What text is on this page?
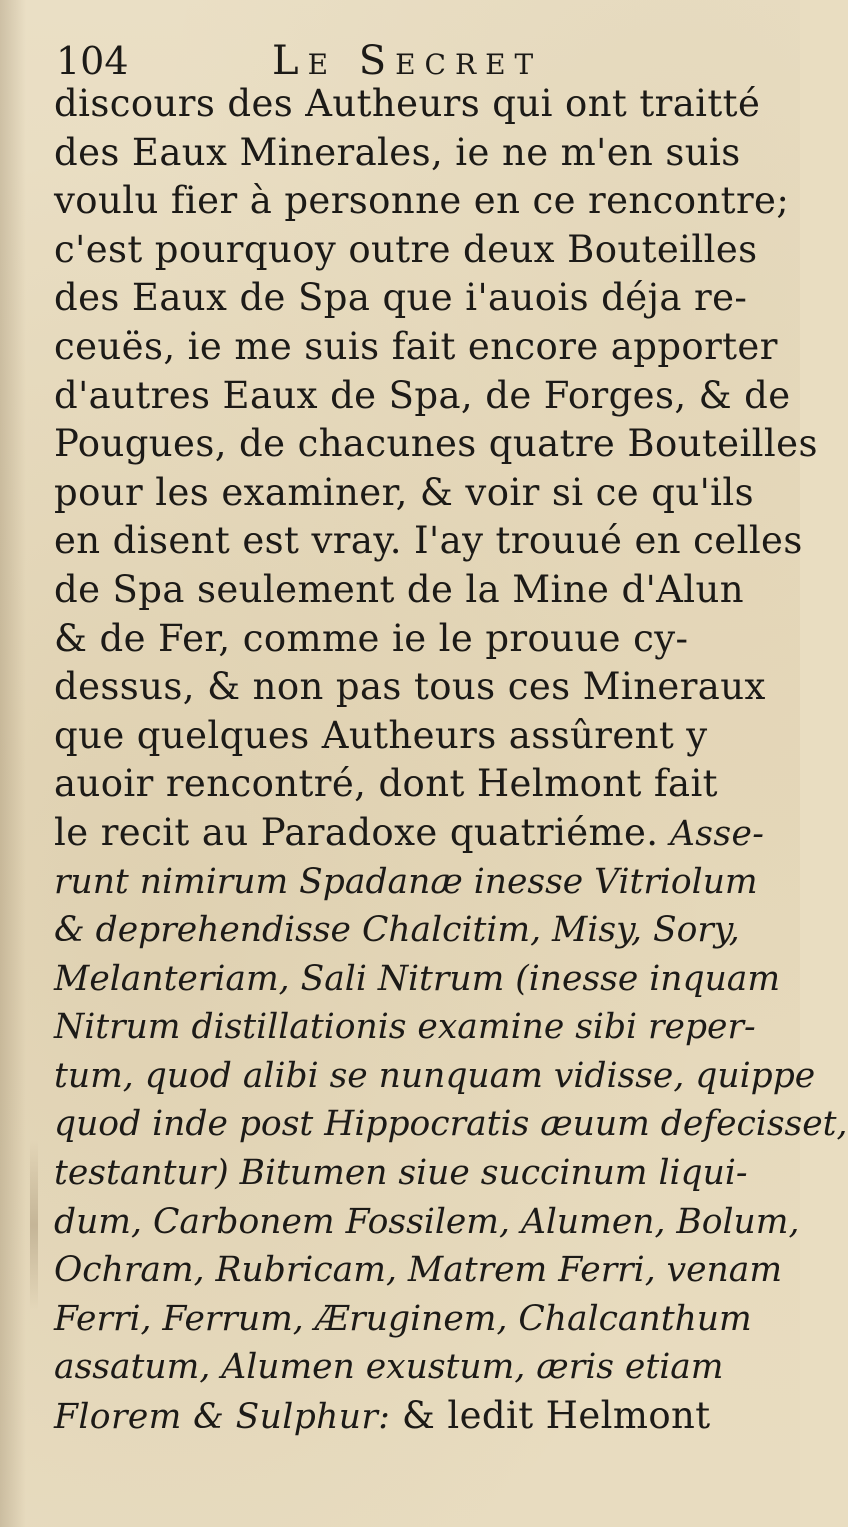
104	Le Secret
discours des Autheurs qui ont traitté
des Eaux Minerales, ie ne m'en suis
voulu fier à personne en ce rencontre;
c'est pourquoy outre deux Bouteilles
des Eaux de Spa que i'auois déja re-
ceuës, ie me suis fait encore apporter
d'autres Eaux de Spa, de Forges, & de
Pougues, de chacunes quatre Bouteilles
pour les examiner, & voir si ce qu'ils
en disent est vray. I'ay trouué en celles
de Spa seulement de la Mine d'Alun
& de Fer, comme ie le prouue cy-
dessus, & non pas tous ces Mineraux
que quelques Autheurs assûrent y
auoir rencontré, dont Helmont fait
le recit au Paradoxe quatriéme. Asse-
runt nimirum Spadanæ inesse Vitriolum
& deprehendisse Chalcitim, Misy, Sory,
Melanteriam, Sali Nitrum (inesse inquam
Nitrum distillationis examine sibi reper-
tum, quod alibi se nunquam vidisse, quippe
quod inde post Hippocratis æuum defecisset,
testantur) Bitumen siue succinum liqui-
dum, Carbonem Fossilem, Alumen, Bolum,
Ochram, Rubricam, Matrem Ferri, venam
Ferri, Ferrum, Æruginem, Chalcanthum
assatum, Alumen exustum, æris etiam
Florem & Sulphur: & ledit Helmont
